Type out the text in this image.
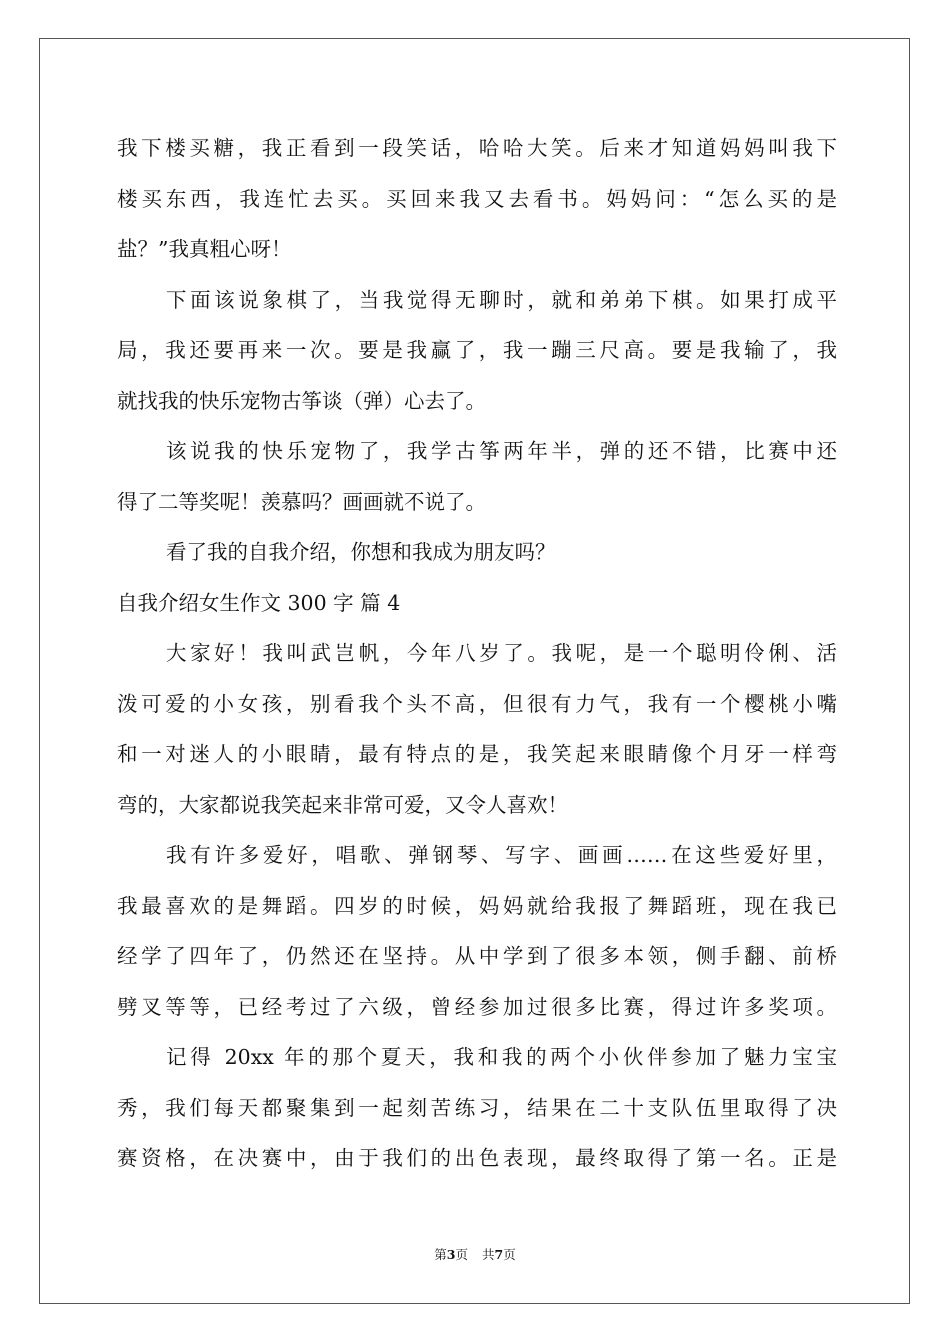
我下楼买糖，我正看到一段笑话，哈哈大笑。后来才知道妈妈叫我下
楼买东西，我连忙去买。买回来我又去看书。妈妈问：“怎么买的是
盐？”我真粗心呀！
下面该说象棋了，当我觉得无聊时，就和弟弟下棋。如果打成平
局，我还要再来一次。要是我赢了，我一蹦三尺高。要是我输了，我
就找我的快乐宠物古筝谈（弹）心去了。
该说我的快乐宠物了，我学古筝两年半，弹的还不错，比赛中还
得了二等奖呢！羡慕吗？画画就不说了。
看了我的自我介绍，你想和我成为朋友吗？
自我介绍女生作文 300 字 篇 4
大家好！我叫武岂帆，今年八岁了。我呢，是一个聪明伶俐、活
泼可爱的小女孩，别看我个头不高，但很有力气，我有一个樱桃小嘴
和一对迷人的小眼睛，最有特点的是，我笑起来眼睛像个月牙一样弯
弯的，大家都说我笑起来非常可爱，又令人喜欢！
我有许多爱好，唱歌、弹钢琴、写字、画画……在这些爱好里，
我最喜欢的是舞蹈。四岁的时候，妈妈就给我报了舞蹈班，现在我已
经学了四年了，仍然还在坚持。从中学到了很多本领，侧手翻、前桥
劈叉等等，已经考过了六级，曾经参加过很多比赛，得过许多奖项。
记得 20xx 年的那个夏天，我和我的两个小伙伴参加了魅力宝宝
秀，我们每天都聚集到一起刻苦练习，结果在二十支队伍里取得了决
赛资格，在决赛中，由于我们的出色表现，最终取得了第一名。正是
第3页 共7页
